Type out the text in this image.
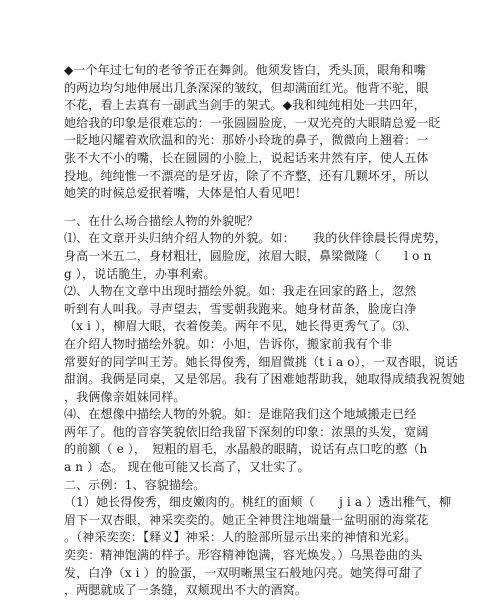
◆一个年过七旬的老爷爷正在舞剑。他须发皆白，秃头顶，眼角和嘴
的两边均匀地伸展出几条深深的皱纹，但却满面红光。他背不驼，眼
不花，看上去真有一副武当剑手的架式。◆我和纯纯相处一共四年，
她给我的印象是很难忘的：一张圆圆脸庞，一双光亮的大眼睛总爱一眨
一眨地闪耀着欢欣温和的光：那娇小玲珑的鼻子，微微向上翘着：一
张不大不小的嘴，长在圆圆的小脸上，说起话来井然有序，使人五体
投地。纯纯惟一不漂亮的是牙齿，除了不齐整，还有几颗坏牙，所以
她笑的时候总爱抿着嘴，大体是怕人看见吧！
一、在什么场合描绘人物的外貌呢？
⑴、在文章开头归纳介绍人物的外貌。如：　　我的伙伴徐晨长得虎势，
身高一米五二，身材粗壮，圆脸庞，浓眉大眼，鼻梁微隆（　　l o n
g ），说话脆生，办事利索。
⑵、人物在文章中出现时描绘外貌。如：我走在回家的路上，忽然
听到有人叫我。寻声望去，雪雯朝我跑来。她身材苗条，脸庞白净
（x i ），柳眉大眼，衣着俊美。两年不见，她长得更秀气了。⑶、
在介绍人物时描绘外貌。如：小旭，告诉你，搬家前我有个非
常要好的同学叫王芳。她长得俊秀，细眉微挑（t i a o），一双杏眼，说话
甜润。我俩是同桌，又是邻居。我有了困难她帮助我，她取得成绩我祝贺她
，我俩像亲姐妹同样。
⑷、在想像中描绘人物的外貌。如：是谁陪我们这个地域搬走已经
两年了。他的音容笑貌依旧给我留下深刻的印象：浓黑的头发，宽阔
的前额（ e ），　短粗的眉毛，水晶般的眼睛，说话有点口吃的憨（h
a n ）态。 现在他可能又长高了，又壮实了。
二、示例：1、容貌描绘。
（1）她长得俊秀，细皮嫩肉的。桃红的面颊（　　j i a ）透出稚气，柳
眉下一双杏眼，神采奕奕的。她正全神贯注地端量一盆明丽的海棠花
。（神采奕奕：【释义】神采：人的脸部所显示出来的神情和光彩。
奕奕：精神饱满的样子。形容精神饱满，容光焕发。）乌黑卷曲的头
发，白净（x i ）的脸蛋，一双明晰黑宝石般地闪亮。她笑得可甜了
，两腮就成了一条缝，双颊现出不大的酒窝。
